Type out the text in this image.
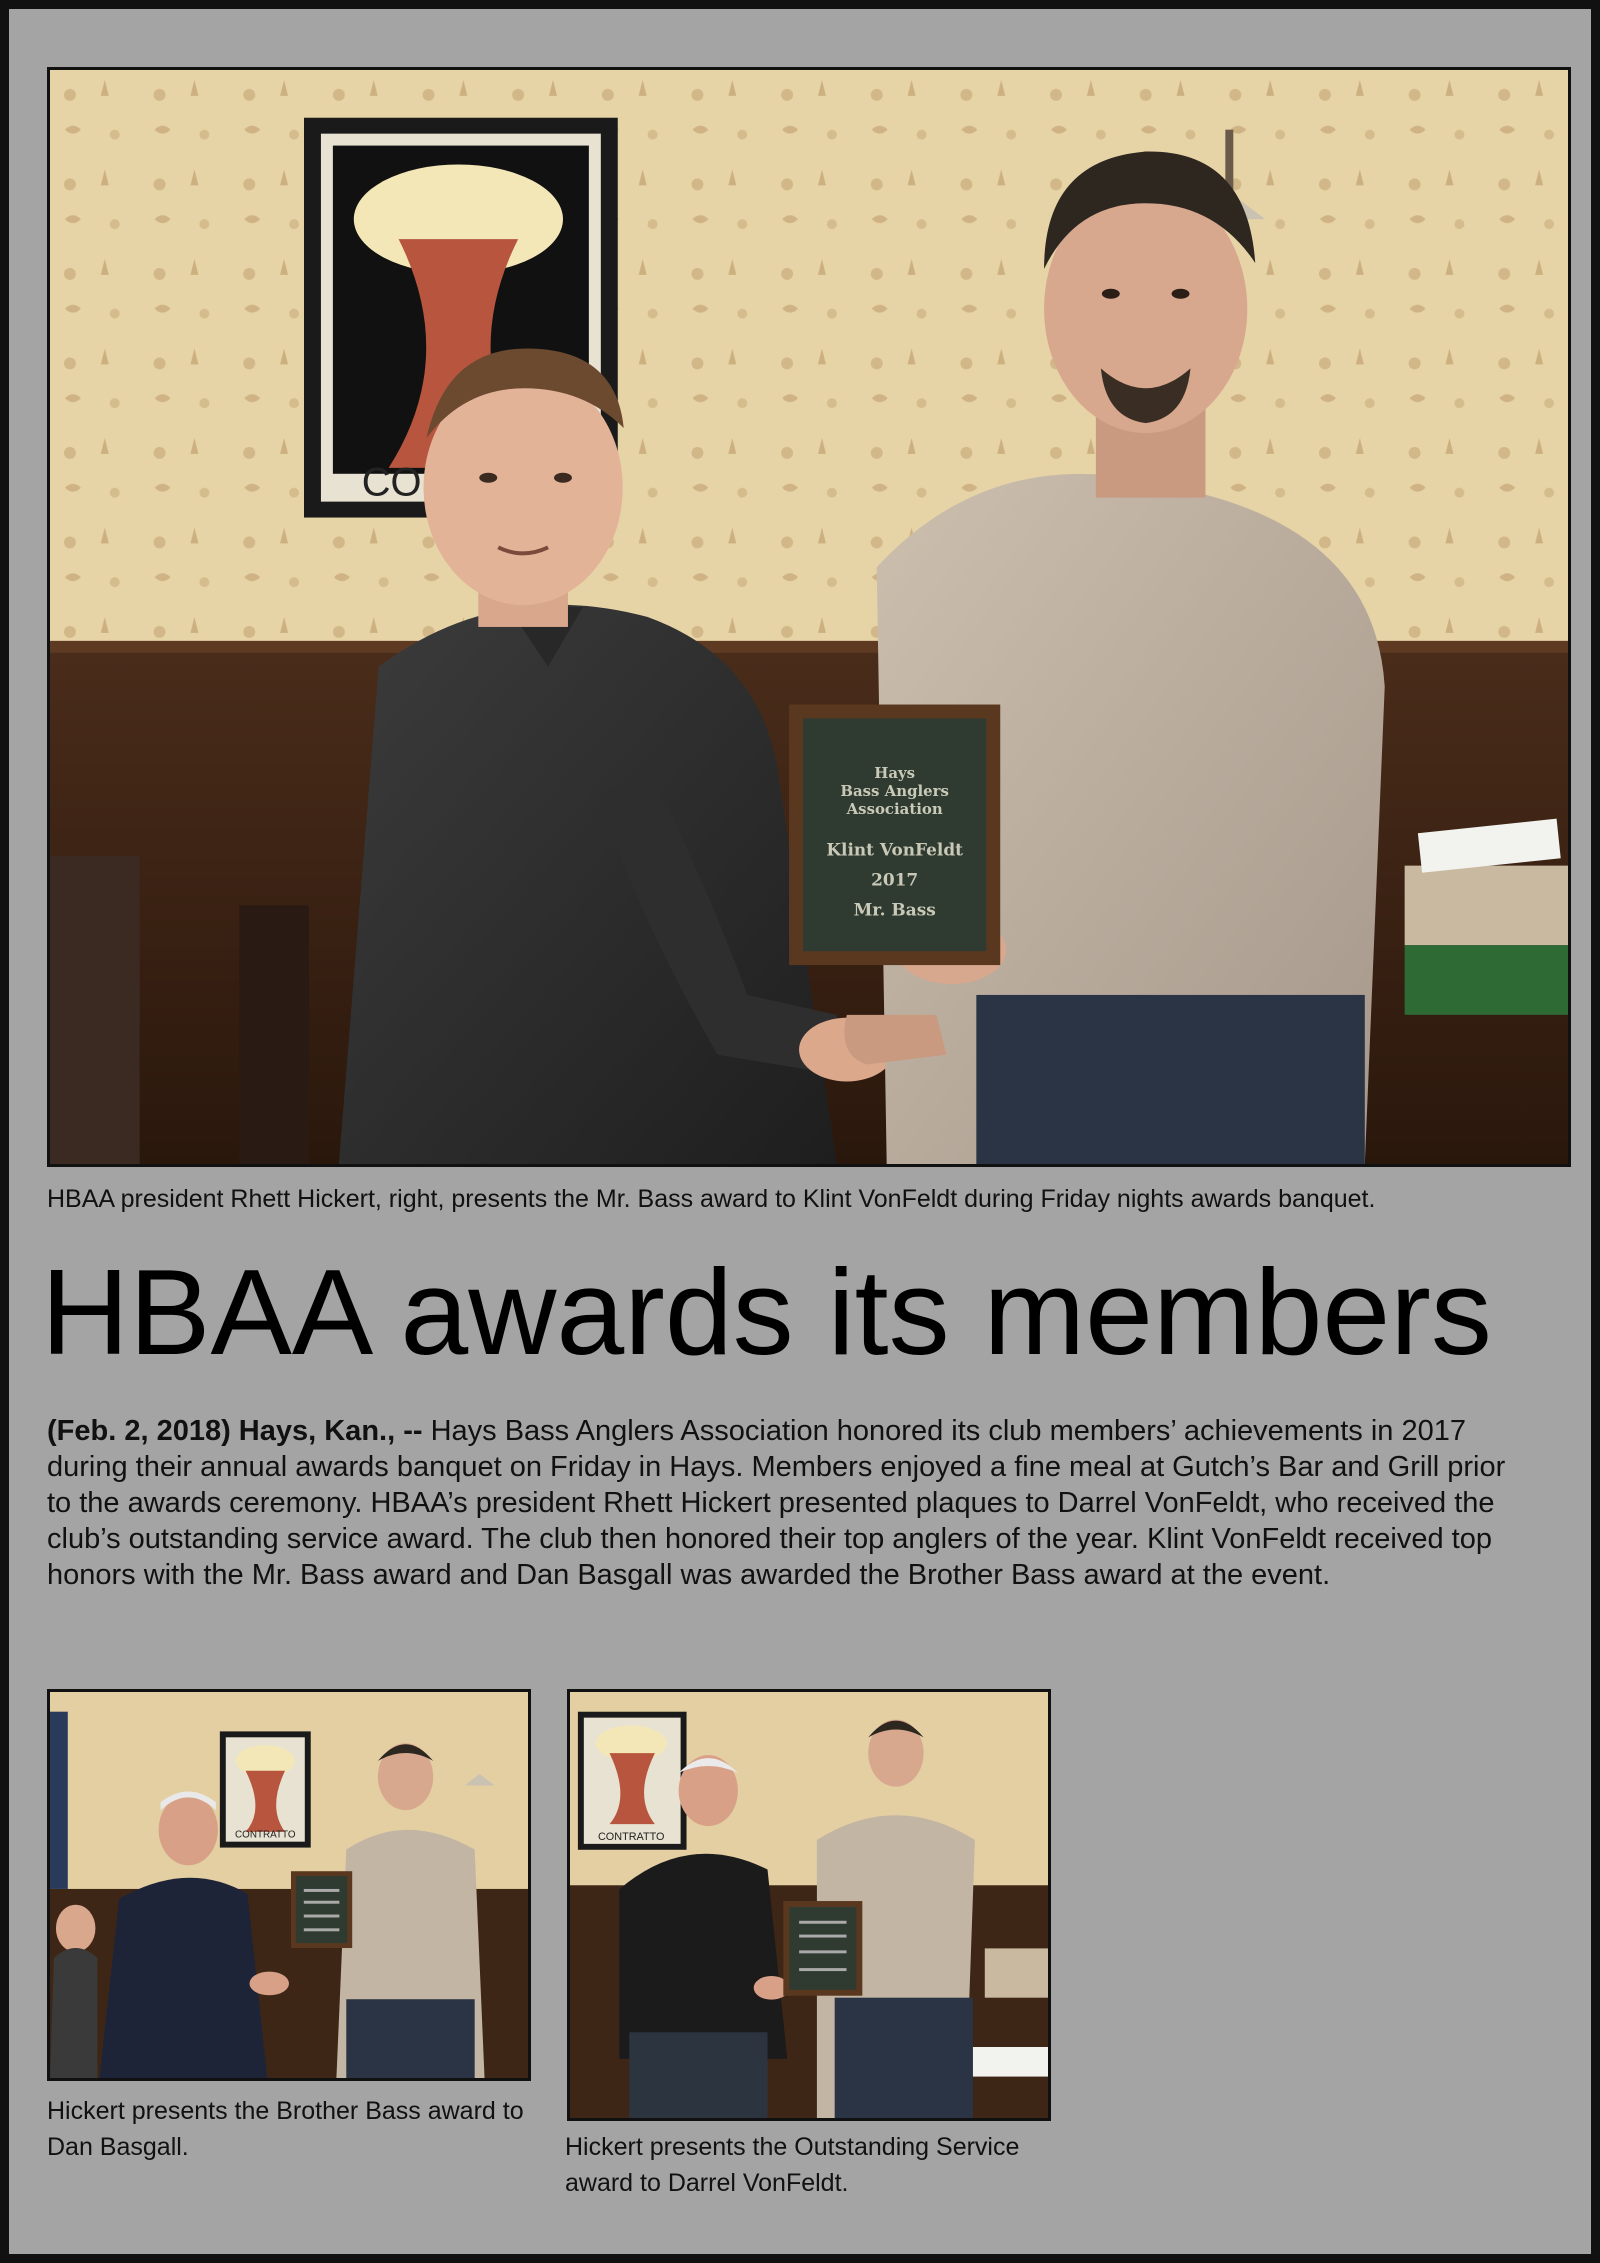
CO
Hays
Bass Anglers
Association
Klint VonFeldt
2017
Mr. Bass
HBAA president Rhett Hickert, right, presents the Mr. Bass award to Klint VonFeldt during Friday nights awards banquet.
HBAA awards its members
(Feb. 2, 2018) Hays, Kan., -- Hays Bass Anglers Association honored its club members’ achievements in 2017 during their annual awards banquet on Friday in Hays. Members enjoyed a fine meal at Gutch’s Bar and Grill prior to the awards ceremony. HBAA’s president Rhett Hickert presented plaques to Darrel VonFeldt, who received the club’s outstanding service award. The club then honored their top anglers of the year. Klint VonFeldt received top honors with the Mr. Bass award and Dan Basgall was awarded the Brother Bass award at the event.
CONTRATTO
Hickert presents the Brother Bass award to Dan Basgall.
CONTRATTO
Hickert presents the Outstanding Service award to Darrel VonFeldt.
